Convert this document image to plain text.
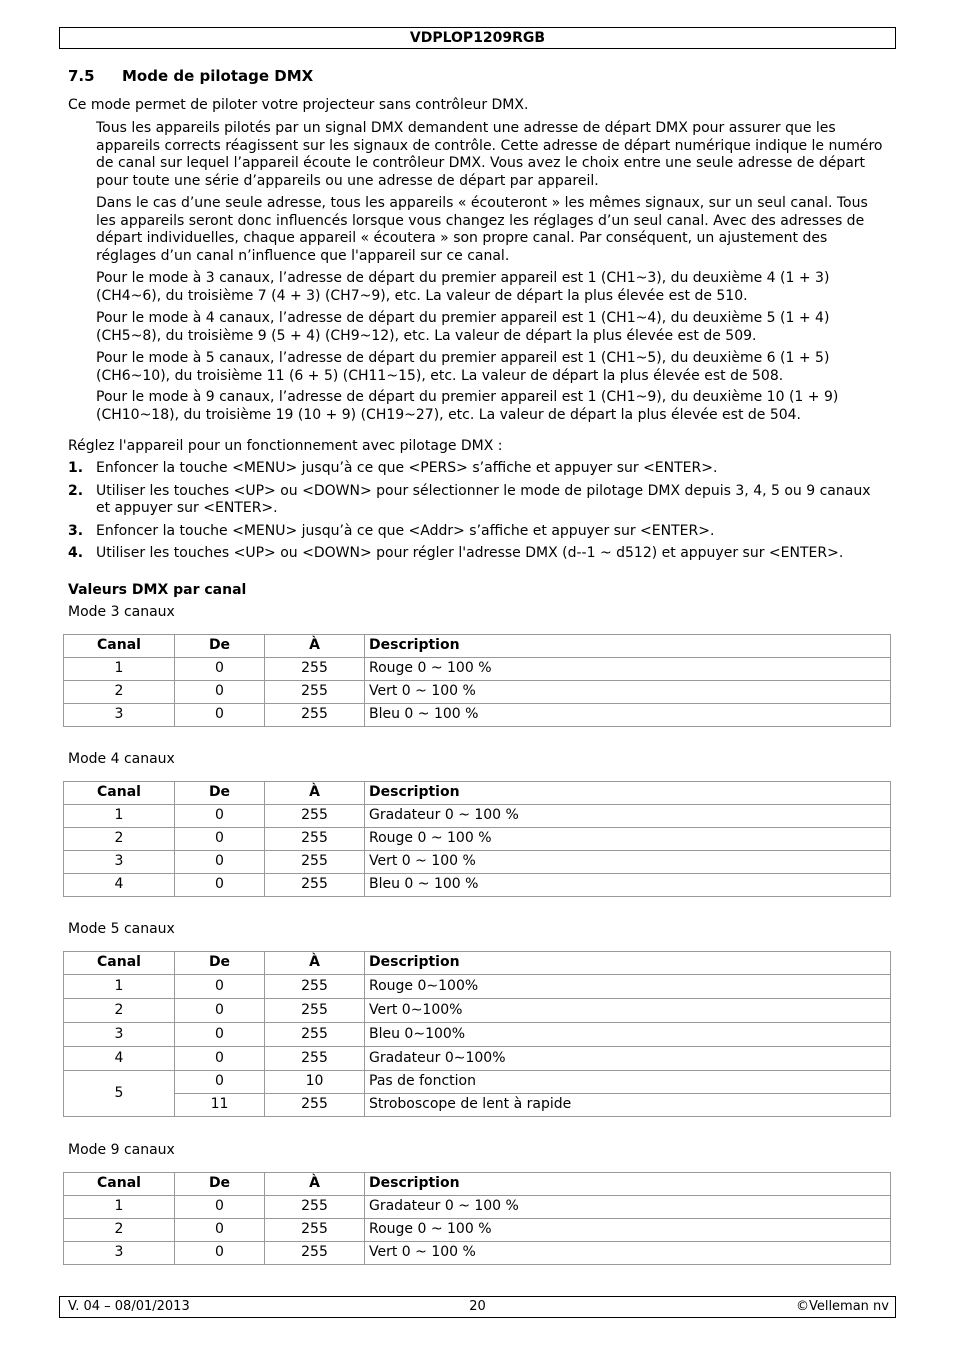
VDPLOP1209RGB
7.5 Mode de pilotage DMX

Ce mode permet de piloter votre projecteur sans contrôleur DMX.

Tous les appareils pilotés par un signal DMX demandent une adresse de départ DMX pour assurer que les appareils corrects réagissent sur les signaux de contrôle. Cette adresse de départ numérique indique le numéro de canal sur lequel l’appareil écoute le contrôleur DMX. Vous avez le choix entre une seule adresse de départ pour toute une série d’appareils ou une adresse de départ par appareil.

Dans le cas d’une seule adresse, tous les appareils « écouteront » les mêmes signaux, sur un seul canal. Tous les appareils seront donc influencés lorsque vous changez les réglages d’un seul canal. Avec des adresses de départ individuelles, chaque appareil « écoutera » son propre canal. Par conséquent, un ajustement des réglages d’un canal n’influence que l'appareil sur ce canal.

Pour le mode à 3 canaux, l’adresse de départ du premier appareil est 1 (CH1~3), du deuxième 4 (1 + 3) (CH4~6), du troisième 7 (4 + 3) (CH7~9), etc. La valeur de départ la plus élevée est de 510.

Pour le mode à 4 canaux, l’adresse de départ du premier appareil est 1 (CH1~4), du deuxième 5 (1 + 4) (CH5~8), du troisième 9 (5 + 4) (CH9~12), etc. La valeur de départ la plus élevée est de 509.

Pour le mode à 5 canaux, l’adresse de départ du premier appareil est 1 (CH1~5), du deuxième 6 (1 + 5) (CH6~10), du troisième 11 (6 + 5) (CH11~15), etc. La valeur de départ la plus élevée est de 508.

Pour le mode à 9 canaux, l’adresse de départ du premier appareil est 1 (CH1~9), du deuxième 10 (1 + 9) (CH10~18), du troisième 19 (10 + 9) (CH19~27), etc. La valeur de départ la plus élevée est de 504.

Réglez l'appareil pour un fonctionnement avec pilotage DMX :

1. Enfoncer la touche <MENU> jusqu’à ce que <PERS> s’affiche et appuyer sur <ENTER>.
2. Utiliser les touches <UP> ou <DOWN> pour sélectionner le mode de pilotage DMX depuis 3, 4, 5 ou 9 canaux et appuyer sur <ENTER>.
3. Enfoncer la touche <MENU> jusqu’à ce que <Addr> s’affiche et appuyer sur <ENTER>.
4. Utiliser les touches <UP> ou <DOWN> pour régler l'adresse DMX (d--1 ~ d512) et appuyer sur <ENTER>.

Valeurs DMX par canal

Mode 3 canaux

Canal	De	À	Description
1	0	255	Rouge 0 ~ 100 %
2	0	255	Vert 0 ~ 100 %
3	0	255	Bleu 0 ~ 100 %

Mode 4 canaux

Canal	De	À	Description
1	0	255	Gradateur 0 ~ 100 %
2	0	255	Rouge 0 ~ 100 %
3	0	255	Vert 0 ~ 100 %
4	0	255	Bleu 0 ~ 100 %

Mode 5 canaux

Canal	De	À	Description
1	0	255	Rouge 0∼100%
2	0	255	Vert 0∼100%
3	0	255	Bleu 0∼100%
4	0	255	Gradateur 0∼100%
5	0	10	Pas de fonction
	11	255	Stroboscope de lent à rapide

Mode 9 canaux

Canal	De	À	Description
1	0	255	Gradateur 0 ~ 100 %
2	0	255	Rouge 0 ~ 100 %
3	0	255	Vert 0 ~ 100 %
V. 04 – 08/01/2013	20	©Velleman nv
